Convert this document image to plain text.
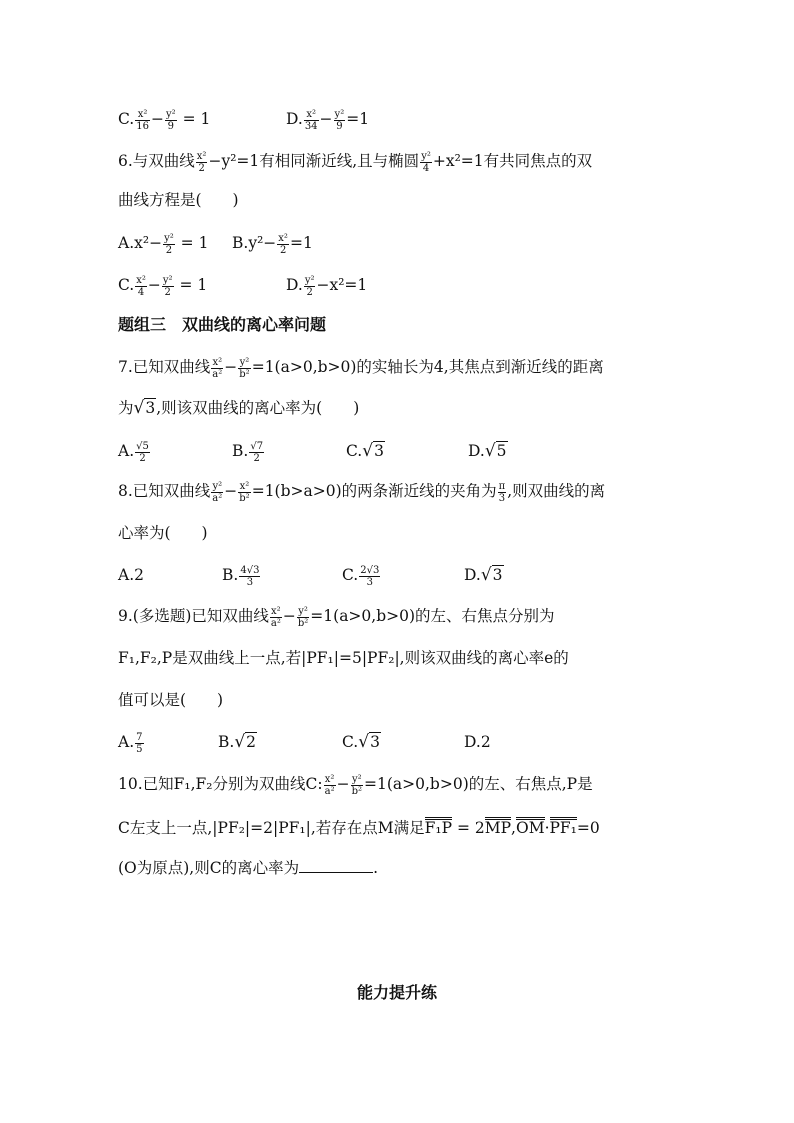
C. $\frac{\text{x²}}{16} - \frac{\text{y²}}{9} = 1$	D. $\frac{\text{x²}}{34} - \frac{\text{y²}}{9} =1$
6.与双曲线 $\frac{\text{x²}}{2} -y^2=1$有相同渐近线,且与椭圆 $\frac{\text{y²}}{4} +x^2=1$有共同焦点的双
曲线方程是(　　)
$A.x^2- \frac{\text{y²}}{2} = 1$ $B.y^2- \frac{\text{x²}}{2} =1$
C. $\frac{\text{x²}}{4} - \frac{\text{y²}}{2} = 1$	D. $\frac{\text{y²}}{2} -x^2=1$
题组三　双曲线的离心率问题
7.已知双曲线 $\frac{\text{x²}}{\text{a²}} - \frac{\text{y²}}{\text{b²}} =1(a>0,b>0)$的实轴长为4,其焦点到渐近线的距离
为√3,则该双曲线的离心率为(　　)
A. $\frac{√5}{2}$	B. $\frac{√7}{2}$	C.√3	D.√5
8.已知双曲线 $\frac{\text{y²}}{\text{a²}} - \frac{\text{x²}}{\text{b²}} =1(b>a>0)$的两条渐近线的夹角为 $\frac{\pi}{3}$ ,则双曲线的离
心率为(　　)
A.2	B. $\frac{4√3}{3}$	C. $\frac{2√3}{3}$	D.√3
9.(多选题)已知双曲线 $\frac{\text{x²}}{\text{a²}} - \frac{\text{y²}}{\text{b²}} =1(a>0,b>0)$的左、右焦点分别为
F₁,F₂,P是双曲线上一点,若|PF₁|=5|PF₂|,则该双曲线的离心率e的
值可以是(　　)
A. $\frac{7}{5}$	B.√2	C.√3	D.2
10.已知F₁,F₂分别为双曲线C: $\frac{\text{x²}}{\text{a²}} - \frac{\text{y²}}{\text{b²}} =1(a>0,b>0)$的左、右焦点,P是
C左支上一点,|PF₂|=2|PF₁|,若存在点M满足F₁P = 2MP,OM·PF₁=0
(O为原点),则C的离心率为	.
能力提升练
